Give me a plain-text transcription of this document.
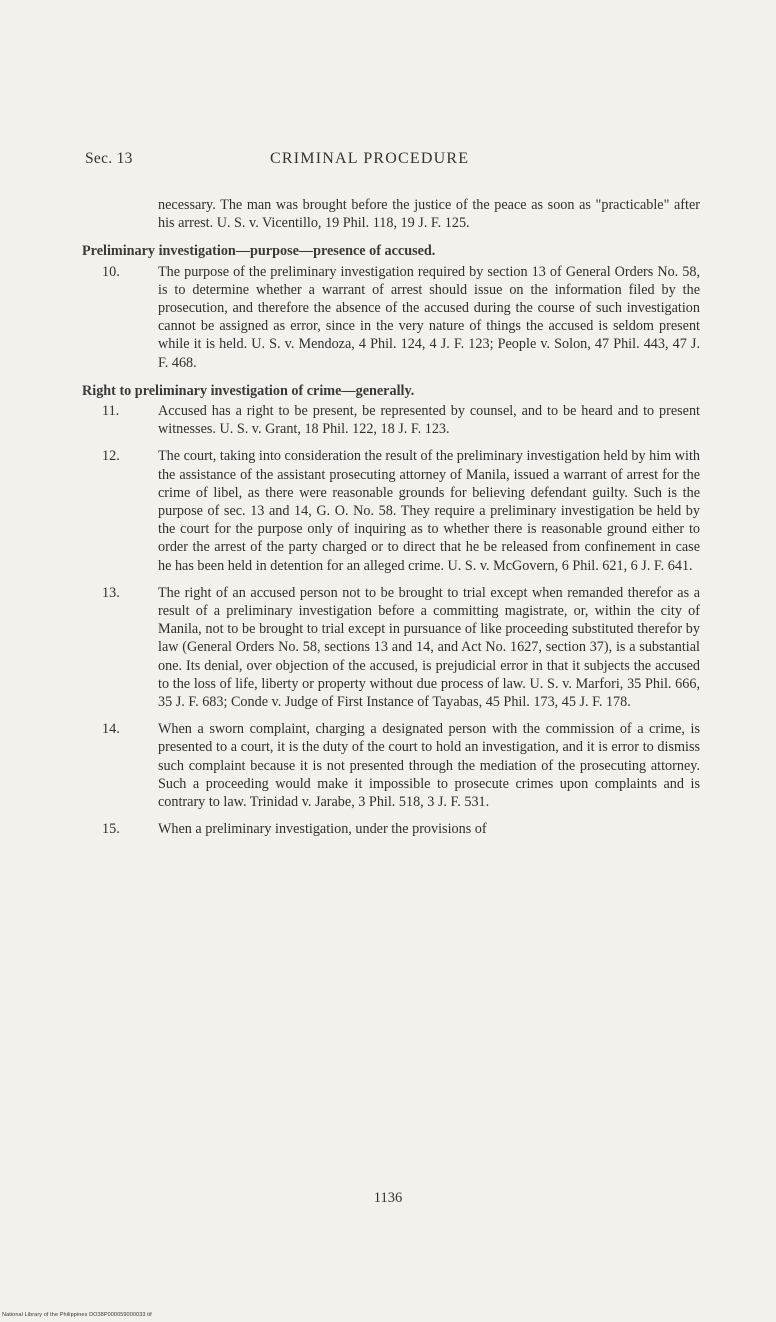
Sec. 13	CRIMINAL PROCEDURE
necessary. The man was brought before the justice of the peace as soon as "practicable" after his arrest. U. S. v. Vicentillo, 19 Phil. 118, 19 J. F. 125.
Preliminary investigation—purpose—presence of accused.
10.	The purpose of the preliminary investigation required by section 13 of General Orders No. 58, is to determine whether a warrant of arrest should issue on the information filed by the prosecution, and therefore the absence of the accused during the course of such investigation cannot be assigned as error, since in the very nature of things the accused is seldom present while it is held. U. S. v. Mendoza, 4 Phil. 124, 4 J. F. 123; People v. Solon, 47 Phil. 443, 47 J. F. 468.
Right to preliminary investigation of crime—generally.
11.	Accused has a right to be present, be represented by counsel, and to be heard and to present witnesses. U. S. v. Grant, 18 Phil. 122, 18 J. F. 123.
12.	The court, taking into consideration the result of the preliminary investigation held by him with the assistance of the assistant prosecuting attorney of Manila, issued a warrant of arrest for the crime of libel, as there were reasonable grounds for believing defendant guilty. Such is the purpose of sec. 13 and 14, G. O. No. 58. They require a preliminary investigation be held by the court for the purpose only of inquiring as to whether there is reasonable ground either to order the arrest of the party charged or to direct that he be released from confinement in case he has been held in detention for an alleged crime. U. S. v. McGovern, 6 Phil. 621, 6 J. F. 641.
13.	The right of an accused person not to be brought to trial except when remanded therefor as a result of a preliminary investigation before a committing magistrate, or, within the city of Manila, not to be brought to trial except in pursuance of like proceeding substituted therefor by law (General Orders No. 58, sections 13 and 14, and Act No. 1627, section 37), is a substantial one. Its denial, over objection of the accused, is prejudicial error in that it subjects the accused to the loss of life, liberty or property without due process of law. U. S. v. Marfori, 35 Phil. 666, 35 J. F. 683; Conde v. Judge of First Instance of Tayabas, 45 Phil. 173, 45 J. F. 178.
14.	When a sworn complaint, charging a designated person with the commission of a crime, is presented to a court, it is the duty of the court to hold an investigation, and it is error to dismiss such complaint because it is not presented through the mediation of the prosecuting attorney. Such a proceeding would make it impossible to prosecute crimes upon complaints and is contrary to law. Trinidad v. Jarabe, 3 Phil. 518, 3 J. F. 531.
15.	When a preliminary investigation, under the provisions of
1136
National Library of the Philippines DO38P000059000033 tif
